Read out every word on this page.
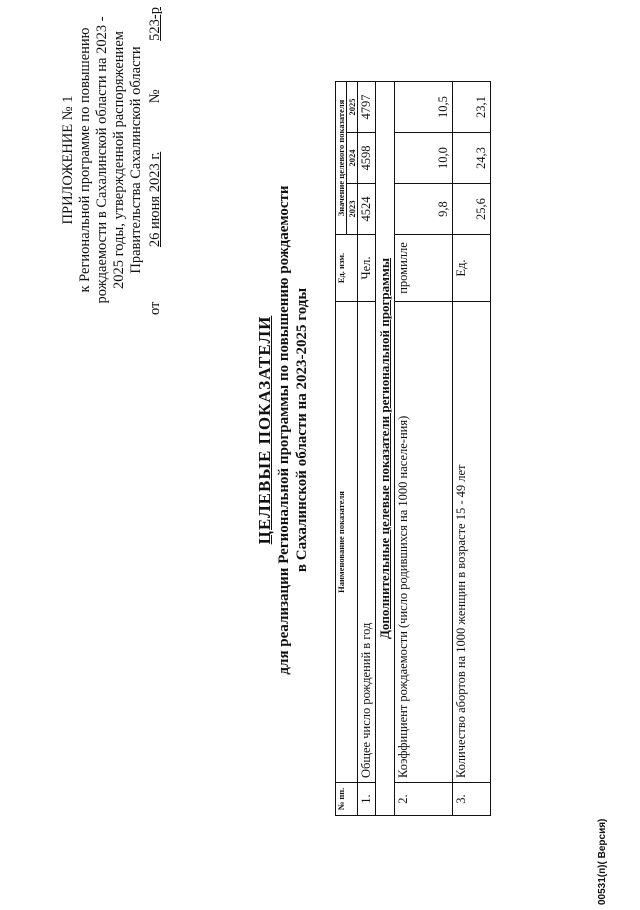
ПРИЛОЖЕНИЕ № 1 к Региональной программе по повышению рождаемости в Сахалинской области на 2023 - 2025 годы, утвержденной распоряжением Правительства Сахалинской области
от
26 июня 2023 г.
№
523-р
ЦЕЛЕВЫЕ ПОКАЗАТЕЛИ для реализации Региональной программы по повышению рождаемости в Сахалинской области на 2023-2025 годы
№ пп.	Наименование показателя	Ед. изм.	Значение целевого показателя		
			2023	2024	2025
1.	Общее число рождений в год	Чел.	4524	4598	4797
Дополнительные целевые показатели региональной программы					
2.	Коэффициент рождаемости (число родившихся на 1000 населе-ния)	промилле	9,8	10,0	10,5
3.	Количество абортов на 1000 женщин в возрасте 15 - 49 лет	Ед.	25,6	24,3	23,1
00531(п)( Версия)
